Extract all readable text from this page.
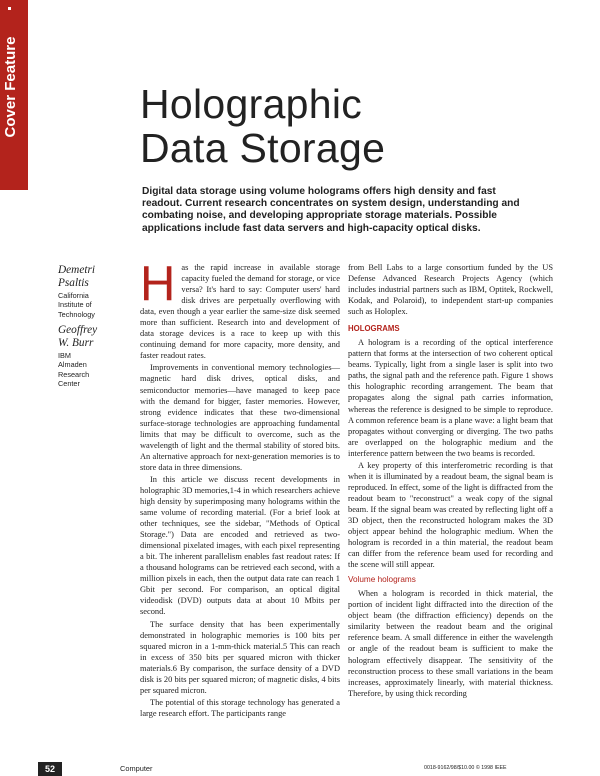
Cover Feature	Holographic
Data Storage
Digital data storage using volume holograms offers high density and fast readout. Current research concentrates on system design, understanding and combating noise, and developing appropriate storage materials. Possible applications include fast data servers and high-capacity optical disks.
Demetri
Psaltis
California
Institute of
Technology
Geoffrey
W. Burr
IBM
Almaden
Research
Center

Has the rapid increase in available storage capacity fueled the demand for storage, or vice versa? It's hard to say: Computer users' hard disk drives are perpetually overflowing with data, even though a year earlier the same-size disk seemed more than sufficient. Research into and development of data storage devices is a race to keep up with this continuing demand for more capacity, more density, and faster readout rates.

Improvements in conventional memory technologies—magnetic hard disk drives, optical disks, and semiconductor memories—have managed to keep pace with the demand for bigger, faster memories. However, strong evidence indicates that these two-dimensional surface-storage technologies are approaching fundamental limits that may be difficult to overcome, such as the wavelength of light and the thermal stability of stored bits. An alternative approach for next-generation memories is to store data in three dimensions.

In this article we discuss recent developments in holographic 3D memories,1-4 in which researchers achieve high density by superimposing many holograms within the same volume of recording material. (For a brief look at other techniques, see the sidebar, "Methods of Optical Storage.") Data are encoded and retrieved as two-dimensional pixelated images, with each pixel representing a bit. The inherent parallelism enables fast readout rates: If a thousand holograms can be retrieved each second, with a million pixels in each, then the output data rate can reach 1 Gbit per second. For comparison, an optical digital videodisk (DVD) outputs data at about 10 Mbits per second.

The surface density that has been experimentally demonstrated in holographic memories is 100 bits per squared micron in a 1-mm-thick material.5 This can reach in excess of 350 bits per squared micron with thicker materials.6 By comparison, the surface density of a DVD disk is 20 bits per squared micron; of magnetic disks, 4 bits per squared micron.

The potential of this storage technology has generated a large research effort. The participants range

from Bell Labs to a large consortium funded by the US Defense Advanced Research Projects Agency (which includes industrial partners such as IBM, Optitek, Rockwell, Kodak, and Polaroid), to independent start-up companies such as Holoplex.

HOLOGRAMS

A hologram is a recording of the optical interference pattern that forms at the intersection of two coherent optical beams. Typically, light from a single laser is split into two paths, the signal path and the reference path. Figure 1 shows this holographic recording arrangement. The beam that propagates along the signal path carries information, whereas the reference is designed to be simple to reproduce. A common reference beam is a plane wave: a light beam that propagates without converging or diverging. The two paths are overlapped on the holographic medium and the interference pattern between the two beams is recorded.

A key property of this interferometric recording is that when it is illuminated by a readout beam, the signal beam is reproduced. In effect, some of the light is diffracted from the readout beam to "reconstruct" a weak copy of the signal beam. If the signal beam was created by reflecting light off a 3D object, then the reconstructed hologram makes the 3D object appear behind the holographic medium. When the hologram is recorded in a thin material, the readout beam can differ from the reference beam used for recording and the scene will still appear.

Volume holograms

When a hologram is recorded in thick material, the portion of incident light diffracted into the direction of the object beam (the diffraction efficiency) depends on the similarity between the readout beam and the original reference beam. A small difference in either the wavelength or angle of the readout beam is sufficient to make the hologram effectively disappear. The sensitivity of the reconstruction process to these small variations in the beam increases, approximately linearly, with material thickness. Therefore, by using thick recording

52	Computer	0018-9162/98/$10.00 © 1998 IEEE
